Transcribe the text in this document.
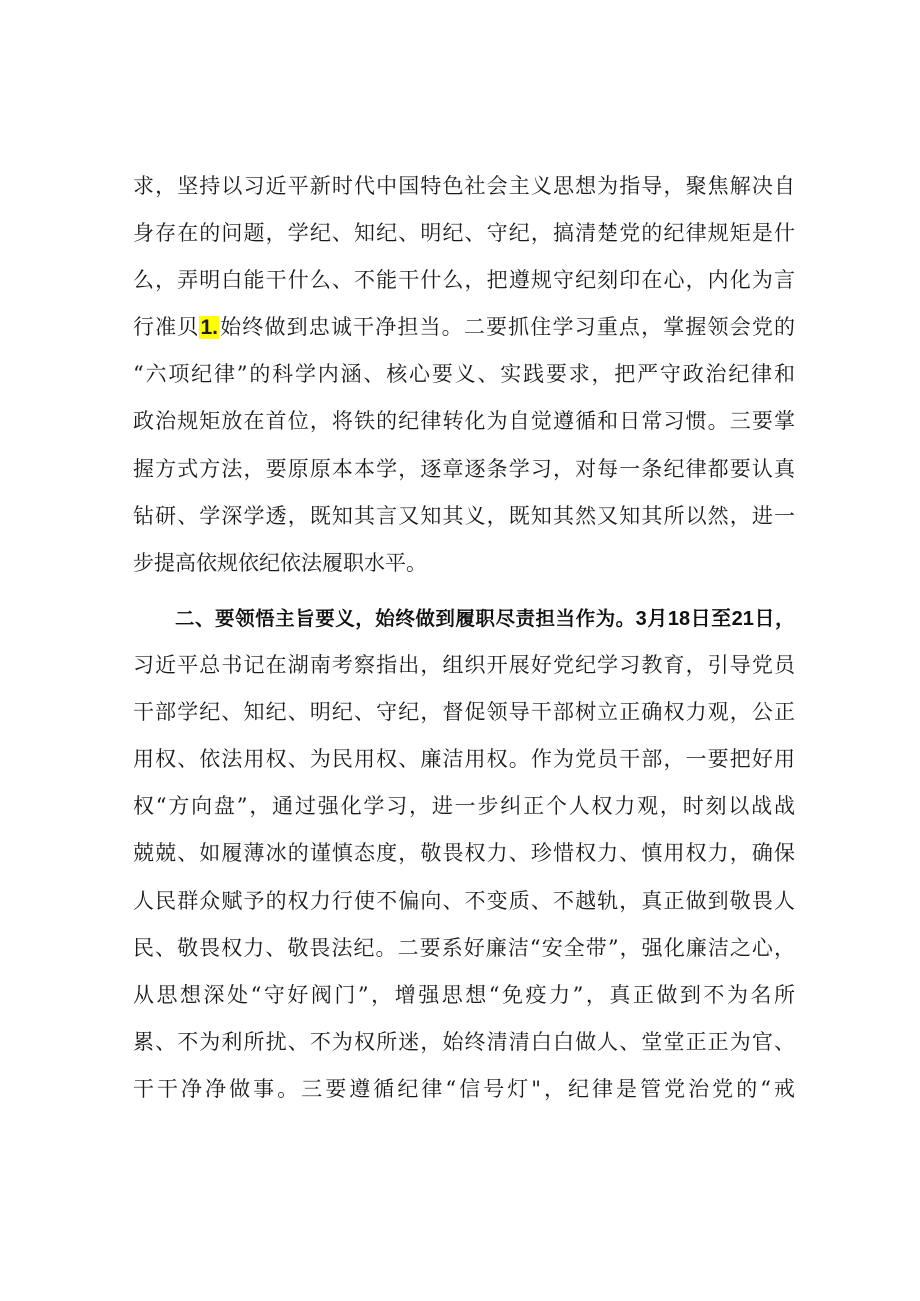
求，坚持以习近平新时代中国特色社会主义思想为指导，聚焦解决自
身存在的问题，学纪、知纪、明纪、守纪，搞清楚党的纪律规矩是什
么，弄明白能干什么、不能干什么，把遵规守纪刻印在心，内化为言
行准贝1.始终做到忠诚干净担当。二要抓住学习重点，掌握领会党的
“六项纪律”的科学内涵、核心要义、实践要求，把严守政治纪律和
政治规矩放在首位，将铁的纪律转化为自觉遵循和日常习惯。三要掌
握方式方法，要原原本本学，逐章逐条学习，对每一条纪律都要认真
钻研、学深学透，既知其言又知其义，既知其然又知其所以然，进一
步提高依规依纪依法履职水平。
二、要领悟主旨要义，始终做到履职尽责担当作为。3月18日至21日，
习近平总书记在湖南考察指出，组织开展好党纪学习教育，引导党员
干部学纪、知纪、明纪、守纪，督促领导干部树立正确权力观，公正
用权、依法用权、为民用权、廉洁用权。作为党员干部，一要把好用
权“方向盘”，通过强化学习，进一步纠正个人权力观，时刻以战战
兢兢、如履薄冰的谨慎态度，敬畏权力、珍惜权力、慎用权力，确保
人民群众赋予的权力行使不偏向、不变质、不越轨，真正做到敬畏人
民、敬畏权力、敬畏法纪。二要系好廉洁“安全带”，强化廉洁之心，
从思想深处“守好阀门”，增强思想“免疫力”，真正做到不为名所
累、不为利所扰、不为权所迷，始终清清白白做人、堂堂正正为官、
干干净净做事。三要遵循纪律“信号灯"，纪律是管党治党的“戒
